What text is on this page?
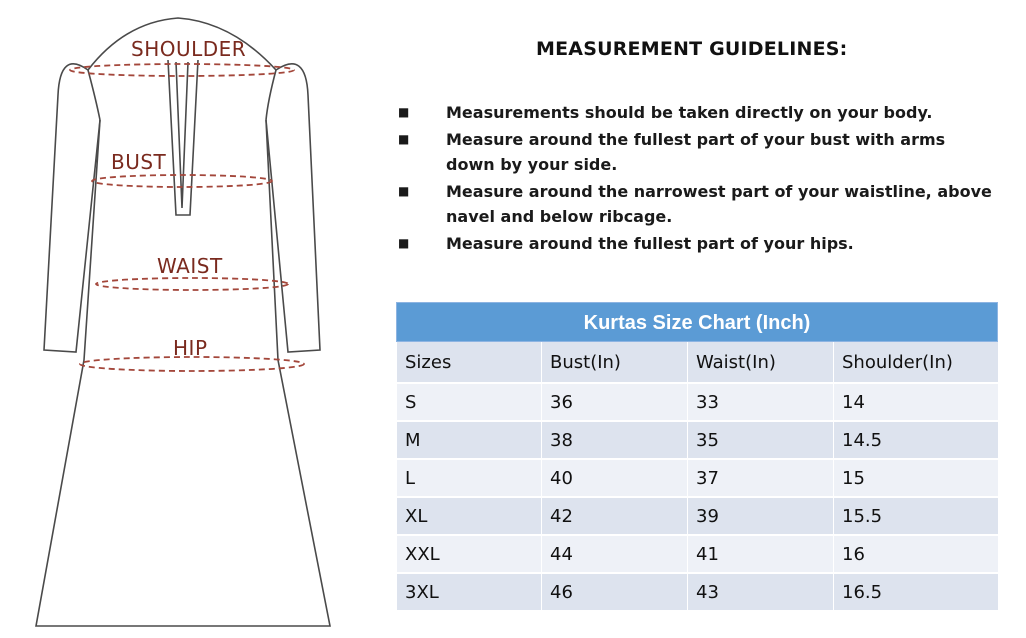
SHOULDER
BUST
WAIST
HIP
MEASUREMENT GUIDELINES:
■	Measurements should be taken directly on your body.
■	Measure around the fullest part of your bust with arms down by your side.
■	Measure around the narrowest part of your waistline, above navel and below ribcage.
■	Measure around the fullest part of your hips.
Kurtas Size Chart (Inch)
Sizes	Bust(In)	Waist(In)	Shoulder(In)
S	36	33	14
M	38	35	14.5
L	40	37	15
XL	42	39	15.5
XXL	44	41	16
3XL	46	43	16.5
